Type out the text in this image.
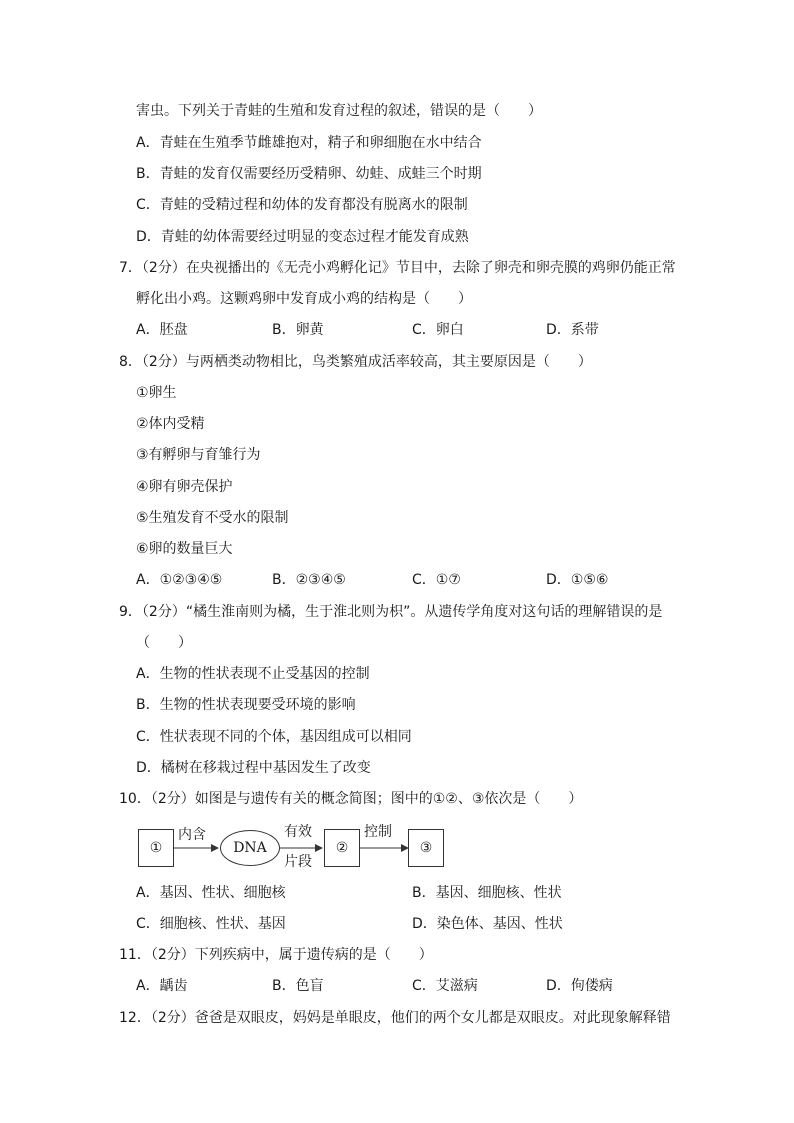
害虫。下列关于青蛙的生殖和发育过程的叙述，错误的是（　　）
A．青蛙在生殖季节雌雄抱对，精子和卵细胞在水中结合
B．青蛙的发育仅需要经历受精卵、幼蛙、成蛙三个时期
C．青蛙的受精过程和幼体的发育都没有脱离水的限制
D．青蛙的幼体需要经过明显的变态过程才能发育成熟
7．（2分）在央视播出的《无壳小鸡孵化记》节目中，去除了卵壳和卵壳膜的鸡卵仍能正常
孵化出小鸡。这颗鸡卵中发育成小鸡的结构是（　　）
A．胚盘	B．卵黄	C．卵白	D．系带
8．（2分）与两栖类动物相比，鸟类繁殖成活率较高，其主要原因是（　　）
①卵生
②体内受精
③有孵卵与育雏行为
④卵有卵壳保护
⑤生殖发育不受水的限制
⑥卵的数量巨大
A．①②③④⑤	B．②③④⑤	C．①⑦	D．①⑤⑥
9．（2分）“橘生淮南则为橘，生于淮北则为枳”。从遗传学角度对这句话的理解错误的是
（　　）
A．生物的性状表现不止受基因的控制
B．生物的性状表现要受环境的影响
C．性状表现不同的个体，基因组成可以相同
D．橘树在移栽过程中基因发生了改变
10．（2分）如图是与遗传有关的概念简图；图中的①②、③依次是（　　）
①
内含
DNA
有效
片段
②
控制
③
A．基因、性状、细胞核	B．基因、细胞核、性状
C．细胞核、性状、基因	D．染色体、基因、性状
11．（2分）下列疾病中，属于遗传病的是（　　）
A．龋齿	B．色盲	C．艾滋病	D．佝偻病
12．（2分）爸爸是双眼皮，妈妈是单眼皮，他们的两个女儿都是双眼皮。对此现象解释错
